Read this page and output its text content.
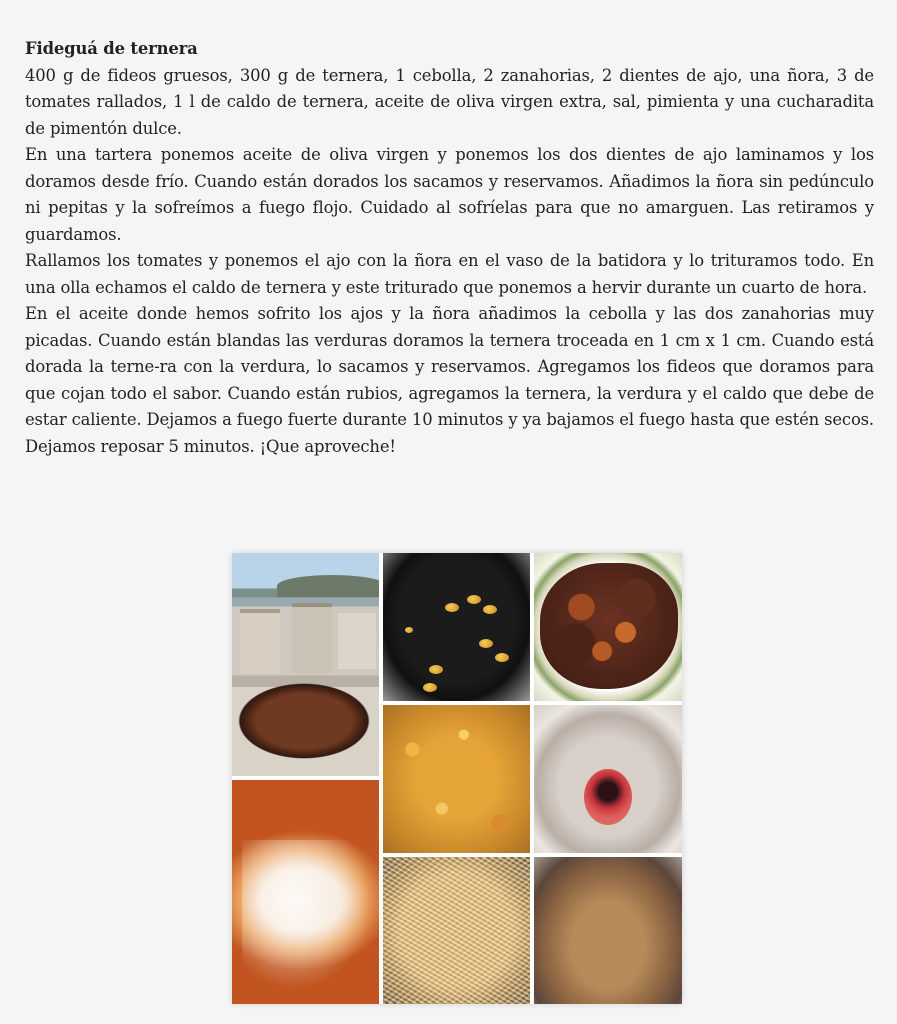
Fideguá de ternera

400 g de fideos gruesos, 300 g de ternera, 1 cebolla, 2 zanahorias, 2 dientes de ajo, una ñora, 3 de tomates rallados, 1 l de caldo de ternera, aceite de oliva virgen extra, sal, pimienta y una cucharadita de pimentón dulce.

En una tartera ponemos aceite de oliva virgen y ponemos los dos dientes de ajo laminamos y los doramos desde frío. Cuando están dorados los sacamos y reservamos. Añadimos la ñora sin pedúnculo ni pepitas y la sofreímos a fuego flojo. Cuidado al sofríelas para que no amarguen. Las retiramos y guardamos.

Rallamos los tomates y ponemos el ajo con la ñora en el vaso de la batidora y lo trituramos todo. En una olla echamos el caldo de ternera y este triturado que ponemos a hervir durante un cuarto de hora.

En el aceite donde hemos sofrito los ajos y la ñora añadimos la cebolla y las dos zanahorias muy picadas. Cuando están blandas las verduras doramos la ternera troceada en 1 cm x 1 cm. Cuando está dorada la terne-ra con la verdura, lo sacamos y reservamos. Agregamos los fideos que doramos para que cojan todo el sabor. Cuando están rubios, agregamos la ternera, la verdura y el caldo que debe de estar caliente. Dejamos a fuego fuerte durante 10 minutos y ya bajamos el fuego hasta que estén secos. Dejamos reposar 5 minutos. ¡Que aproveche!
